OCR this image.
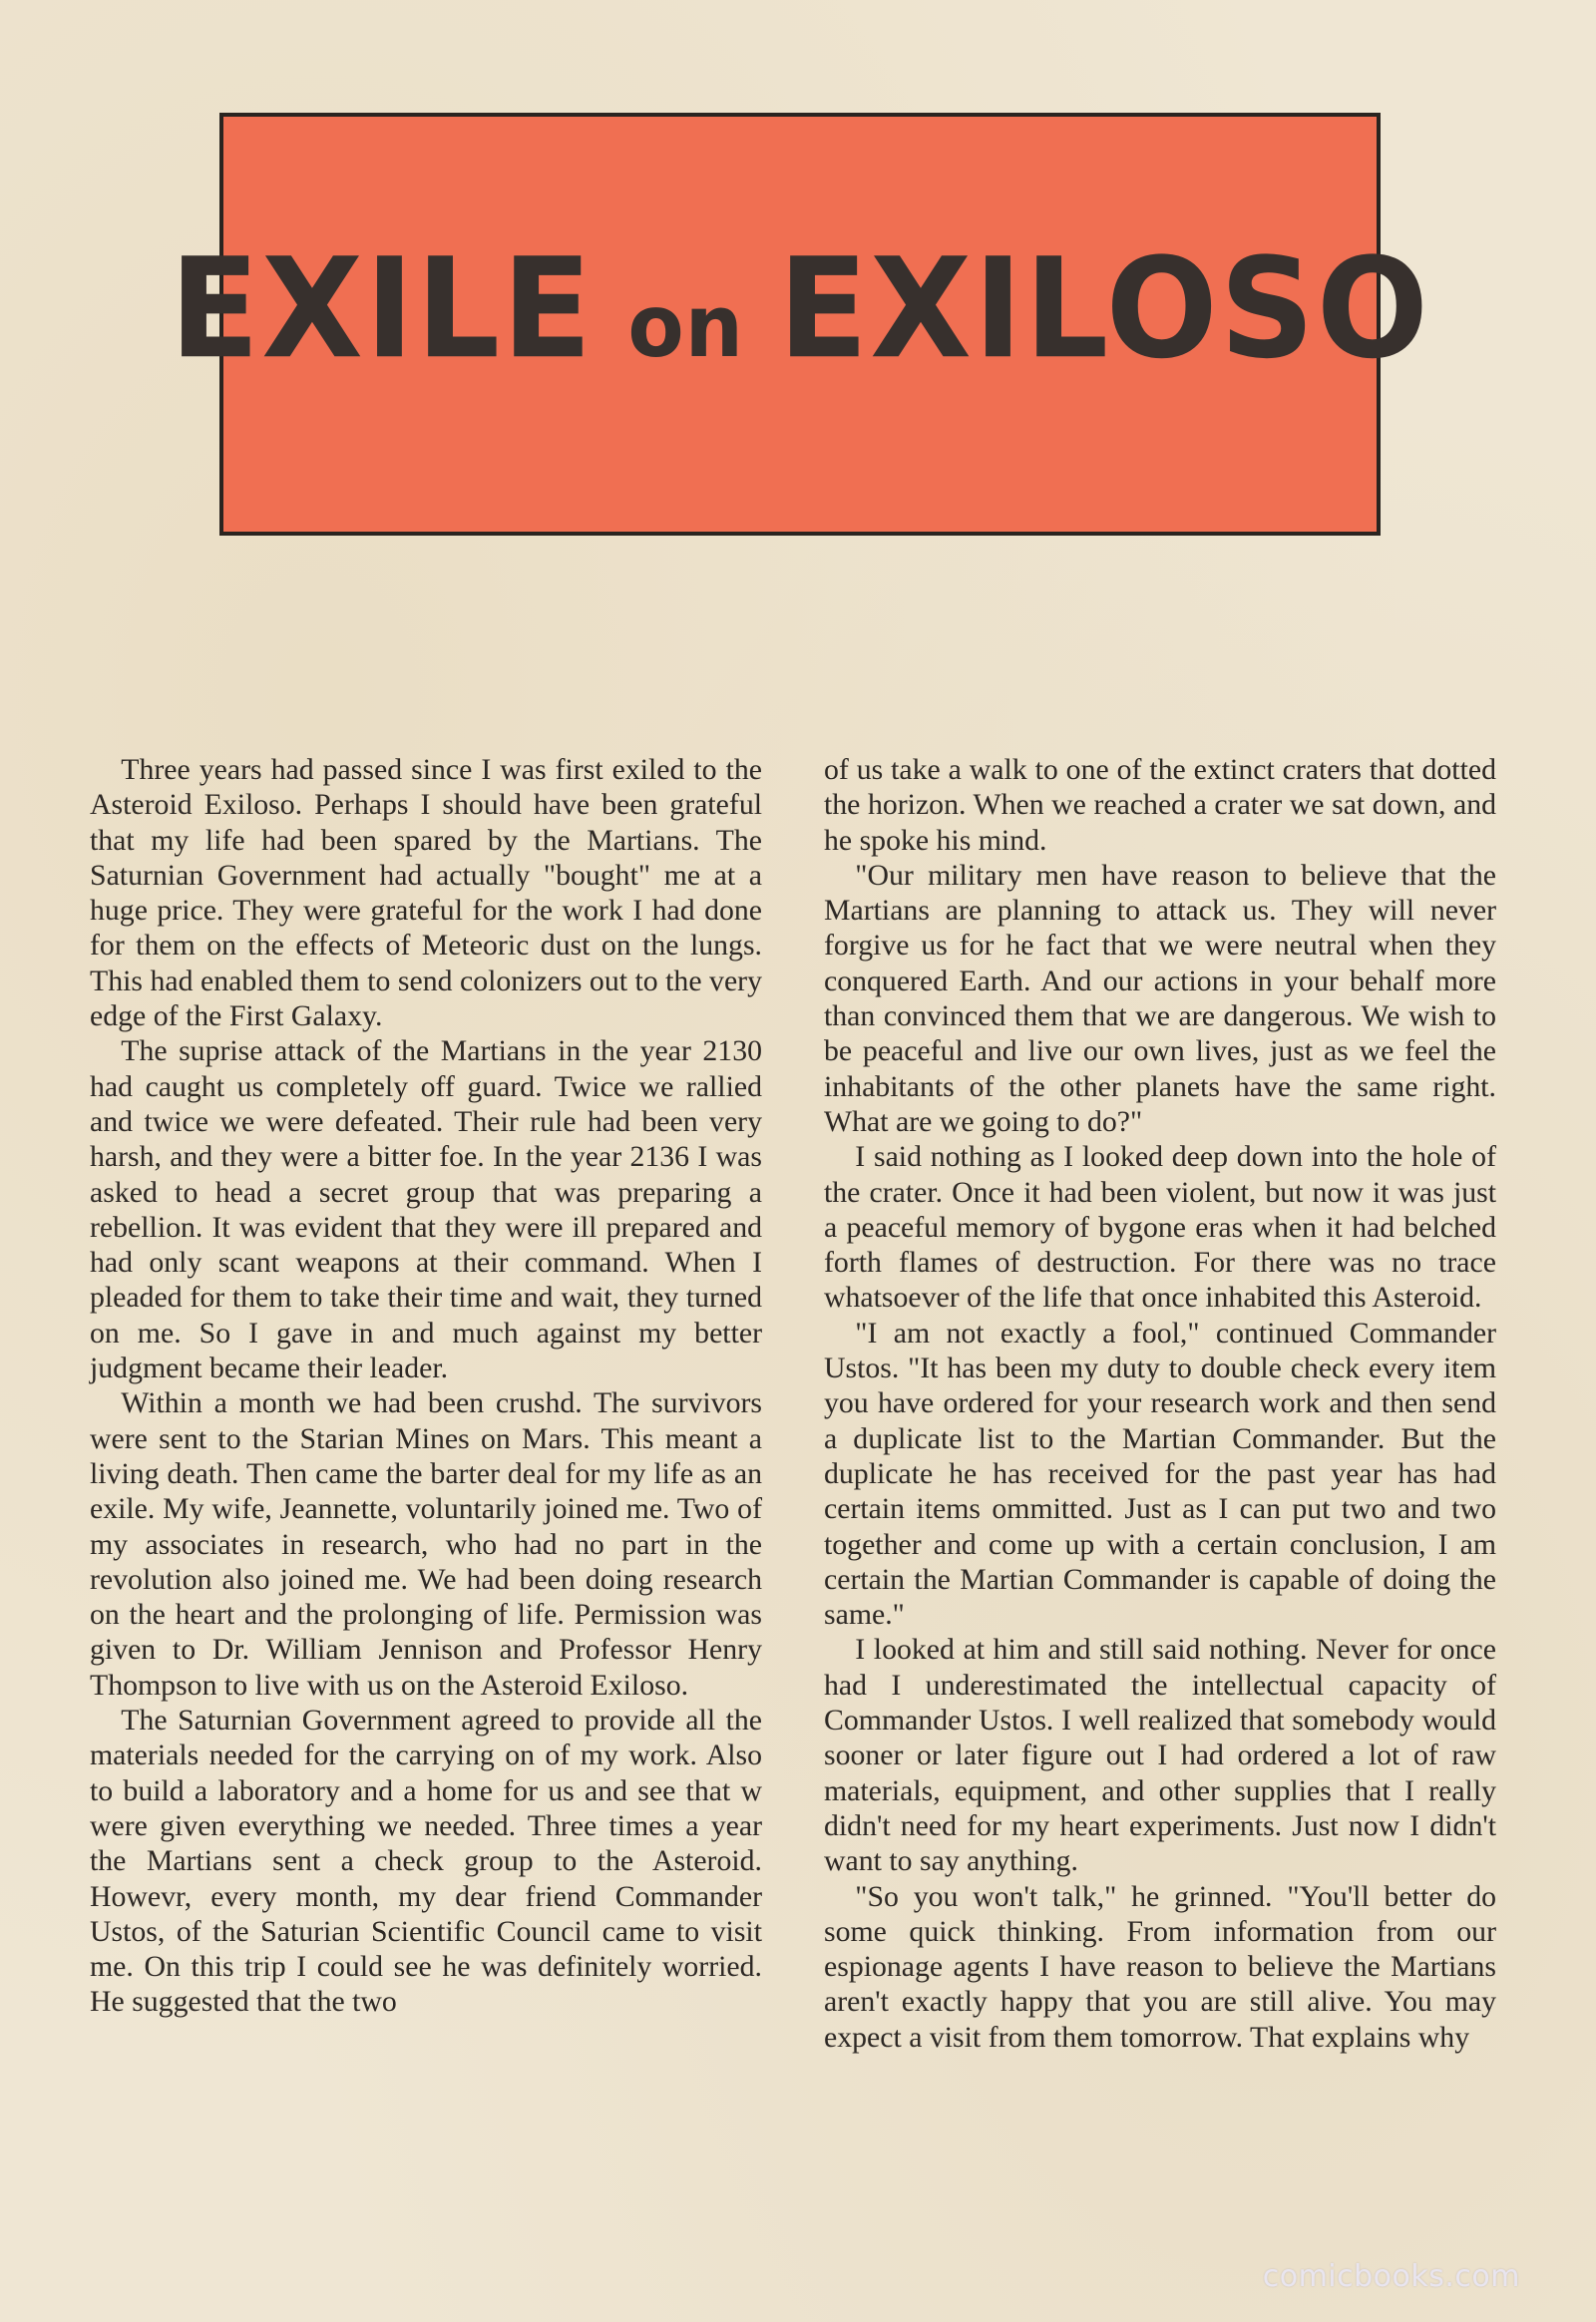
EXILE on EXILOSO

Three years had passed since I was first exiled to the Asteroid Exiloso. Perhaps I should have been grateful that my life had been spared by the Martians. The Saturnian Government had actually "bought" me at a huge price. They were grateful for the work I had done for them on the effects of Meteoric dust on the lungs. This had enabled them to send colonizers out to the very edge of the First Galaxy.

The suprise attack of the Martians in the year 2130 had caught us completely off guard. Twice we rallied and twice we were defeated. Their rule had been very harsh, and they were a bitter foe. In the year 2136 I was asked to head a secret group that was preparing a rebellion. It was evident that they were ill prepared and had only scant weapons at their command. When I pleaded for them to take their time and wait, they turned on me. So I gave in and much against my better judgment became their leader.

Within a month we had been crushd. The survivors were sent to the Starian Mines on Mars. This meant a living death. Then came the barter deal for my life as an exile. My wife, Jeannette, voluntarily joined me. Two of my associates in research, who had no part in the revolution also joined me. We had been doing research on the heart and the prolonging of life. Permission was given to Dr. William Jennison and Professor Henry Thompson to live with us on the Asteroid Exiloso.

The Saturnian Government agreed to provide all the materials needed for the carrying on of my work. Also to build a laboratory and a home for us and see that w were given everything we needed. Three times a year the Martians sent a check group to the Asteroid. Howevr, every month, my dear friend Commander Ustos, of the Saturian Scientific Council came to visit me. On this trip I could see he was definitely worried. He suggested that the two

of us take a walk to one of the extinct craters that dotted the horizon. When we reached a crater we sat down, and he spoke his mind.

"Our military men have reason to believe that the Martians are planning to attack us. They will never forgive us for he fact that we were neutral when they conquered Earth. And our actions in your behalf more than convinced them that we are dangerous. We wish to be peaceful and live our own lives, just as we feel the inhabitants of the other planets have the same right. What are we going to do?"

I said nothing as I looked deep down into the hole of the crater. Once it had been violent, but now it was just a peaceful memory of bygone eras when it had belched forth flames of destruction. For there was no trace whatsoever of the life that once inhabited this Asteroid.

"I am not exactly a fool," continued Commander Ustos. "It has been my duty to double check every item you have ordered for your research work and then send a duplicate list to the Martian Commander. But the duplicate he has received for the past year has had certain items ommitted. Just as I can put two and two together and come up with a certain conclusion, I am certain the Martian Commander is capable of doing the same."

I looked at him and still said nothing. Never for once had I underestimated the intellectual capacity of Commander Ustos. I well realized that somebody would sooner or later figure out I had ordered a lot of raw materials, equipment, and other supplies that I really didn't need for my heart experiments. Just now I didn't want to say anything.

"So you won't talk," he grinned. "You'll better do some quick thinking. From information from our espionage agents I have reason to believe the Martians aren't exactly happy that you are still alive. You may expect a visit from them tomorrow. That explains why

comicbooks.com
